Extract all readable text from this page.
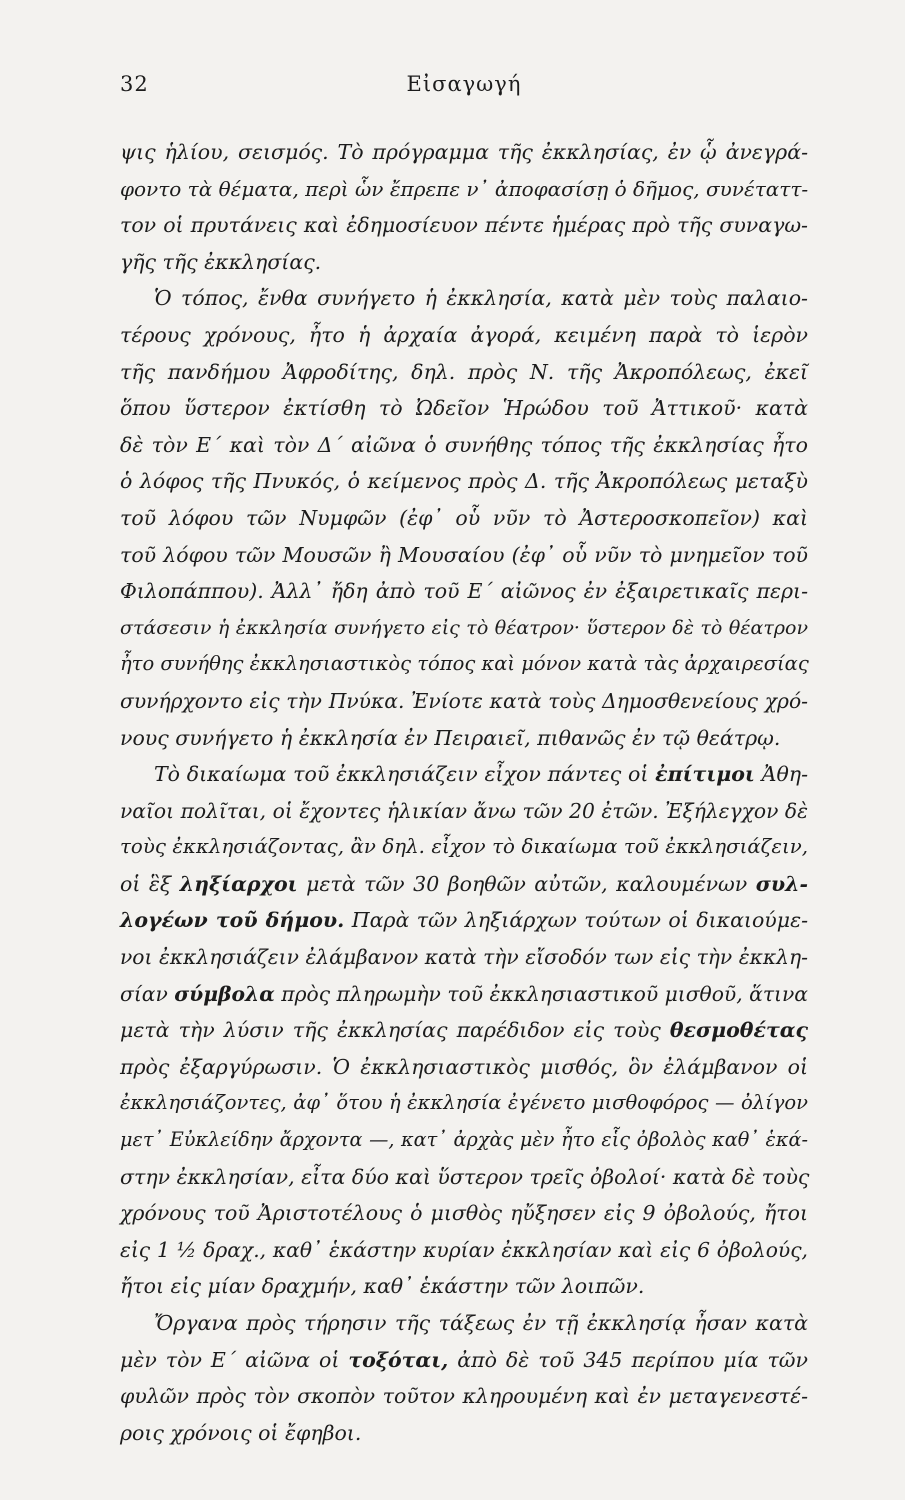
32	Εἰσαγωγή
ψις ἡλίου, σεισμός. Τὸ πρόγραμμα τῆς ἐκκλησίας, ἐν ᾧ ἀνεγρά-
φοντο τὰ θέματα, περὶ ὧν ἔπρεπε ν᾽ ἀποφασίσῃ ὁ δῆμος, συνέταττ-
τον οἱ πρυτάνεις καὶ ἐδημοσίευον πέντε ἡμέρας πρὸ τῆς συναγω-
γῆς τῆς ἐκκλησίας.
Ὁ τόπος, ἔνθα συνήγετο ἡ ἐκκλησία, κατὰ μὲν τοὺς παλαιο-
τέρους χρόνους, ἦτο ἡ ἀρχαία ἀγορά, κειμένη παρὰ τὸ ἱερὸν
τῆς πανδήμου Ἀφροδίτης, δηλ. πρὸς Ν. τῆς Ἀκροπόλεως, ἐκεῖ
ὅπου ὕστερον ἐκτίσθη τὸ Ὠδεῖον Ἡρώδου τοῦ Ἀττικοῦ· κατὰ
δὲ τὸν Ε´ καὶ τὸν Δ´ αἰῶνα ὁ συνήθης τόπος τῆς ἐκκλησίας ἦτο
ὁ λόφος τῆς Πνυκός, ὁ κείμενος πρὸς Δ. τῆς Ἀκροπόλεως μεταξὺ
τοῦ λόφου τῶν Νυμφῶν (ἐφ᾽ οὗ νῦν τὸ Ἀστεροσκοπεῖον) καὶ
τοῦ λόφου τῶν Μουσῶν ἢ Μουσαίου (ἐφ᾽ οὗ νῦν τὸ μνημεῖον τοῦ
Φιλοπάππου). Ἀλλ᾽ ἤδη ἀπὸ τοῦ Ε´ αἰῶνος ἐν ἐξαιρετικαῖς περι-
στάσεσιν ἡ ἐκκλησία συνήγετο εἰς τὸ θέατρον· ὕστερον δὲ τὸ θέατρον
ἦτο συνήθης ἐκκλησιαστικὸς τόπος καὶ μόνον κατὰ τὰς ἀρχαιρεσίας
συνήρχοντο εἰς τὴν Πνύκα. Ἐνίοτε κατὰ τοὺς Δημοσθενείους χρό-
νους συνήγετο ἡ ἐκκλησία ἐν Πειραιεῖ, πιθανῶς ἐν τῷ θεάτρῳ.
Τὸ δικαίωμα τοῦ ἐκκλησιάζειν εἶχον πάντες οἱ ἐπίτιμοι Ἀθη-
ναῖοι πολῖται, οἱ ἔχοντες ἡλικίαν ἄνω τῶν 20 ἐτῶν. Ἐξήλεγχον δὲ
τοὺς ἐκκλησιάζοντας, ἂν δηλ. εἶχον τὸ δικαίωμα τοῦ ἐκκλησιάζειν,
οἱ ἓξ ληξίαρχοι μετὰ τῶν 30 βοηθῶν αὐτῶν, καλουμένων συλ-
λογέων τοῦ δήμου. Παρὰ τῶν ληξιάρχων τούτων οἱ δικαιούμε-
νοι ἐκκλησιάζειν ἐλάμβανον κατὰ τὴν εἴσοδόν των εἰς τὴν ἐκκλη-
σίαν σύμβολα πρὸς πληρωμὴν τοῦ ἐκκλησιαστικοῦ μισθοῦ, ἅτινα
μετὰ τὴν λύσιν τῆς ἐκκλησίας παρέδιδον εἰς τοὺς θεσμοθέτας
πρὸς ἐξαργύρωσιν. Ὁ ἐκκλησιαστικὸς μισθός, ὃν ἐλάμβανον οἱ
ἐκκλησιάζοντες, ἀφ᾽ ὅτου ἡ ἐκκλησία ἐγένετο μισθοφόρος — ὀλίγον
μετ᾽ Εὐκλείδην ἄρχοντα —, κατ᾽ ἀρχὰς μὲν ἦτο εἷς ὀβολὸς καθ᾽ ἑκά-
στην ἐκκλησίαν, εἶτα δύο καὶ ὕστερον τρεῖς ὀβολοί· κατὰ δὲ τοὺς
χρόνους τοῦ Ἀριστοτέλους ὁ μισθὸς ηὔξησεν εἰς 9 ὀβολούς, ἤτοι
εἰς 1 ½ δραχ., καθ᾽ ἑκάστην κυρίαν ἐκκλησίαν καὶ εἰς 6 ὀβολούς,
ἤτοι εἰς μίαν δραχμήν, καθ᾽ ἑκάστην τῶν λοιπῶν.
Ὄργανα πρὸς τήρησιν τῆς τάξεως ἐν τῇ ἐκκλησίᾳ ἦσαν κατὰ
μὲν τὸν Ε´ αἰῶνα οἱ τοξόται, ἀπὸ δὲ τοῦ 345 περίπου μία τῶν
φυλῶν πρὸς τὸν σκοπὸν τοῦτον κληρουμένη καὶ ἐν μεταγενεστέ-
ροις χρόνοις οἱ ἔφηβοι.
